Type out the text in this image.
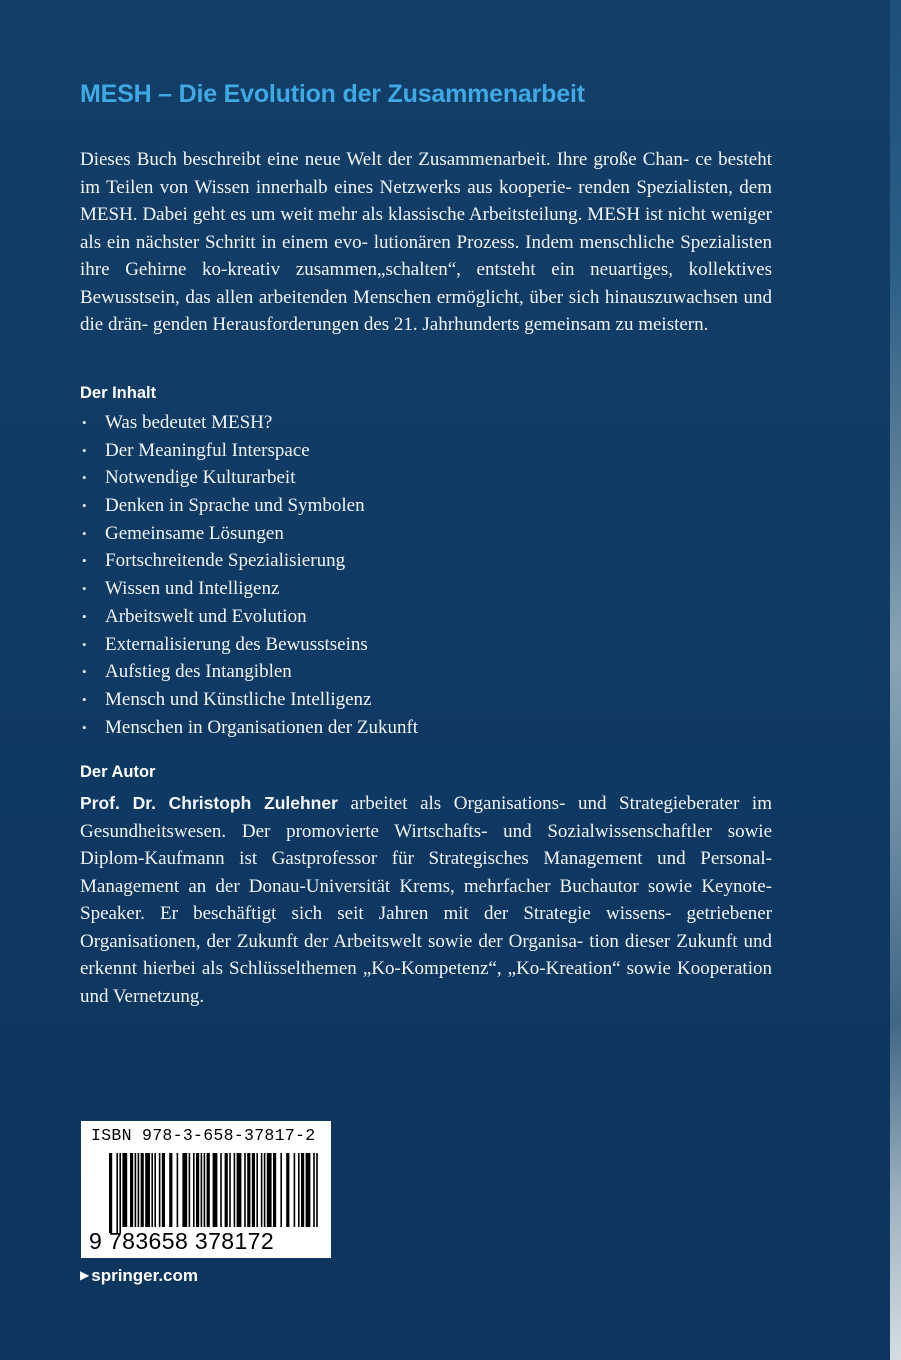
MESH – Die Evolution der Zusammenarbeit

Dieses Buch beschreibt eine neue Welt der Zusammenarbeit. Ihre große Chan- ce besteht im Teilen von Wissen innerhalb eines Netzwerks aus kooperie- renden Spezialisten, dem MESH. Dabei geht es um weit mehr als klassische Arbeitsteilung. MESH ist nicht weniger als ein nächster Schritt in einem evo- lutionären Prozess. Indem menschliche Spezialisten ihre Gehirne ko-kreativ zusammen„schalten“, entsteht ein neuartiges, kollektives Bewusstsein, das allen arbeitenden Menschen ermöglicht, über sich hinauszuwachsen und die drän- genden Herausforderungen des 21. Jahrhunderts gemeinsam zu meistern.

Der Inhalt
• Was bedeutet MESH?
• Der Meaningful Interspace
• Notwendige Kulturarbeit
• Denken in Sprache und Symbolen
• Gemeinsame Lösungen
• Fortschreitende Spezialisierung
• Wissen und Intelligenz
• Arbeitswelt und Evolution
• Externalisierung des Bewusstseins
• Aufstieg des Intangiblen
• Mensch und Künstliche Intelligenz
• Menschen in Organisationen der Zukunft
Der Autor

Prof. Dr. Christoph Zulehner arbeitet als Organisations- und Strategieberater im Gesundheitswesen. Der promovierte Wirtschafts- und Sozialwissenschaftler sowie Diplom-Kaufmann ist Gastprofessor für Strategisches Management und Personal-Management an der Donau-Universität Krems, mehrfacher Buchautor sowie Keynote-Speaker. Er beschäftigt sich seit Jahren mit der Strategie wissens- getriebener Organisationen, der Zukunft der Arbeitswelt sowie der Organisa- tion dieser Zukunft und erkennt hierbei als Schlüsselthemen „Ko-Kompetenz“, „Ko-Kreation“ sowie Kooperation und Vernetzung.

ISBN 978-3-658-37817-2
9 783658 378172
▶ springer.com
